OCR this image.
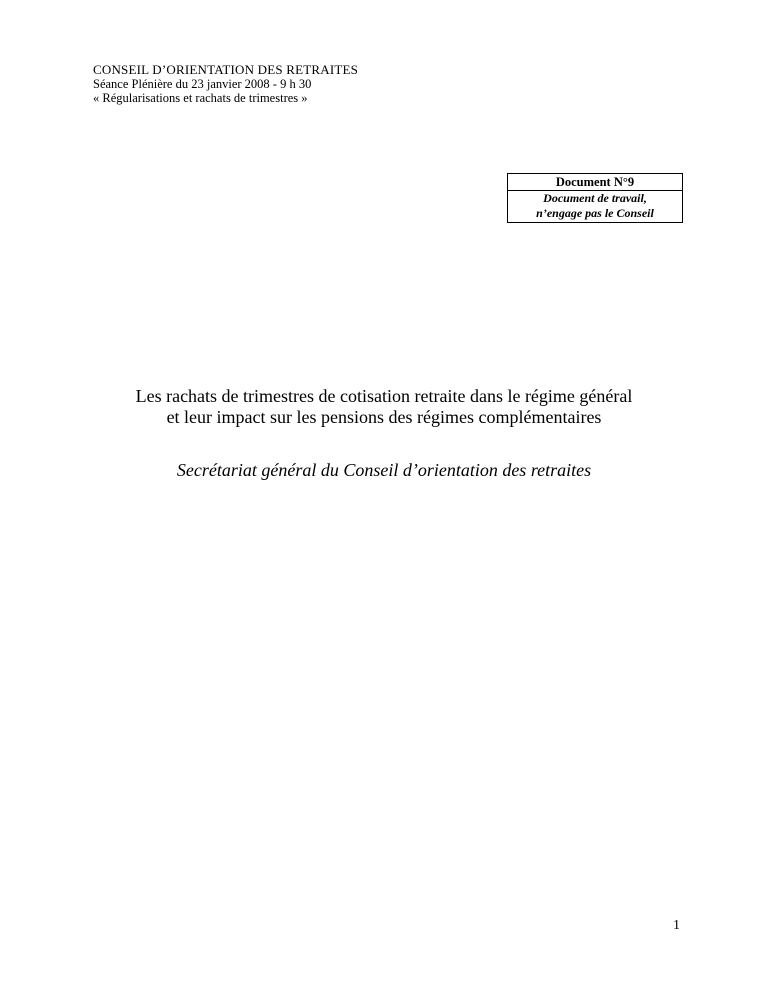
CONSEIL D’ORIENTATION DES RETRAITES
Séance Plénière du 23 janvier 2008 - 9 h 30
« Régularisations et rachats de trimestres »
Document N°9
Document de travail,
n’engage pas le Conseil
Les rachats de trimestres de cotisation retraite dans le régime général
et leur impact sur les pensions des régimes complémentaires
Secrétariat général du Conseil d’orientation des retraites
1
